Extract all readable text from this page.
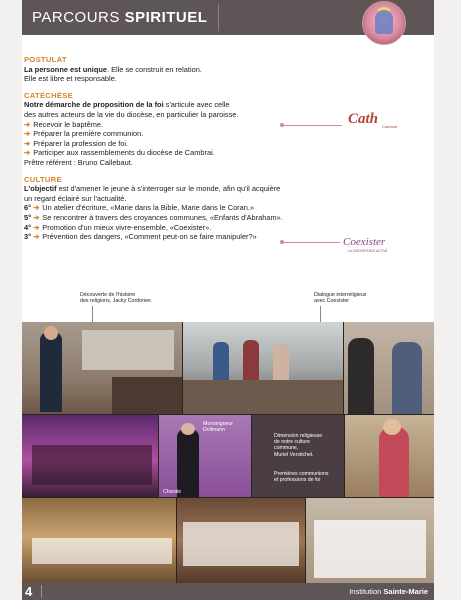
PARCOURS SPIRITUEL
POSTULAT
La personne est unique. Elle se construit en relation.
Elle est libre et responsable.
CATÉCHÈSE
Notre démarche de proposition de la foi s'articule avec celle
des autres acteurs de la vie du diocèse, en particulier la paroisse.
➔ Recevoir le baptême.
➔ Préparer la première communion.
➔ Préparer la profession de foi.
➔ Participer aux rassemblements du diocèse de Cambrai.
Prêtre référent : Bruno Callebaut.
CULTURE
L'objectif est d'amener le jeune à s'interroger sur le monde, afin qu'il acquière
un regard éclairé sur l'actualité.
6° ➔ Un atelier d'écriture, «Marie dans la Bible, Marie dans le Coran.»
5° ➔ Se rencontrer à travers des croyances communes, «Enfants d'Abraham».
4° ➔ Promotion d'un mieux vivre-ensemble, «Coexister».
3° ➔ Prévention des dangers, «Comment peut-on se faire manipuler?»
Cath Cambrai
Coexister
LA COEXISTENCE ACTIVE
Découverte de l'histoire
des religions, Jacky Cordonier.
Dialogue interreligieux
avec Coexister
Monseigneur
Dollmann
Chorale
Dimension religieuse
de notre culture
commune,
Muriel Verstichel.
Premières communions
et professions de foi
4	Institution Sainte-Marie
